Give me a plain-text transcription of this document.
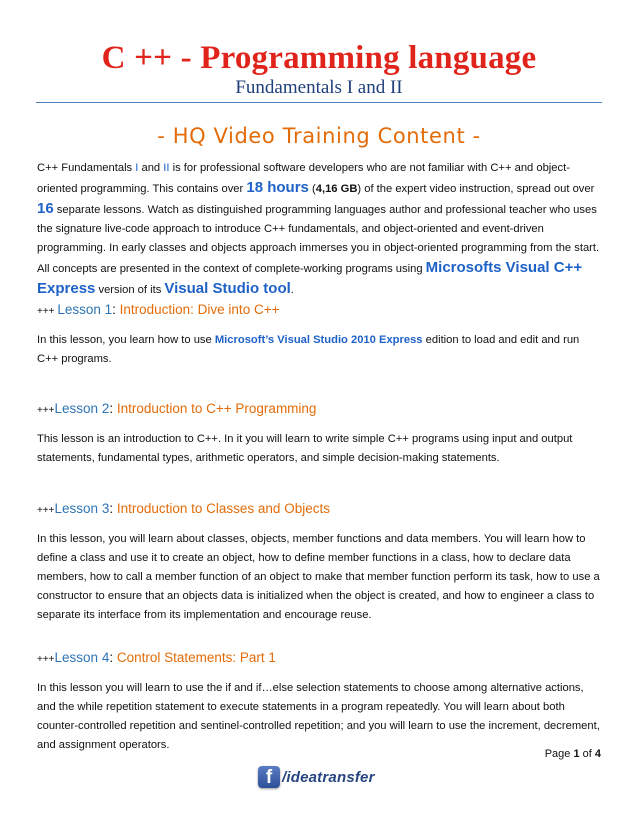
C ++ - Programming language
Fundamentals I and II
- HQ Video Training Content -
C++ Fundamentals I and II is for professional software developers who are not familiar with C++ and object-oriented programming. This contains over 18 hours (4,16 GB) of the expert video instruction, spread out over 16 separate lessons. Watch as distinguished programming languages author and professional teacher who uses the signature live-code approach to introduce C++ fundamentals, and object-oriented and event-driven programming. In early classes and objects approach immerses you in object-oriented programming from the start. All concepts are presented in the context of complete-working programs using Microsofts Visual C++ Express version of its Visual Studio tool.
+++ Lesson 1: Introduction: Dive into C++
In this lesson, you learn how to use Microsoft’s Visual Studio 2010 Express edition to load and edit and run C++ programs.
+++Lesson 2: Introduction to C++ Programming
This lesson is an introduction to C++. In it you will learn to write simple C++ programs using input and output statements, fundamental types, arithmetic operators, and simple decision-making statements.
+++Lesson 3: Introduction to Classes and Objects
In this lesson, you will learn about classes, objects, member functions and data members. You will learn how to define a class and use it to create an object, how to define member functions in a class, how to declare data members, how to call a member function of an object to make that member function perform its task, how to use a constructor to ensure that an objects data is initialized when the object is created, and how to engineer a class to separate its interface from its implementation and encourage reuse.
+++Lesson 4: Control Statements: Part 1
In this lesson you will learn to use the if and if…else selection statements to choose among alternative actions, and the while repetition statement to execute statements in a program repeatedly. You will learn about both counter-controlled repetition and sentinel-controlled repetition; and you will learn to use the increment, decrement, and assignment operators.
Page 1 of 4
f /ideatransfer
